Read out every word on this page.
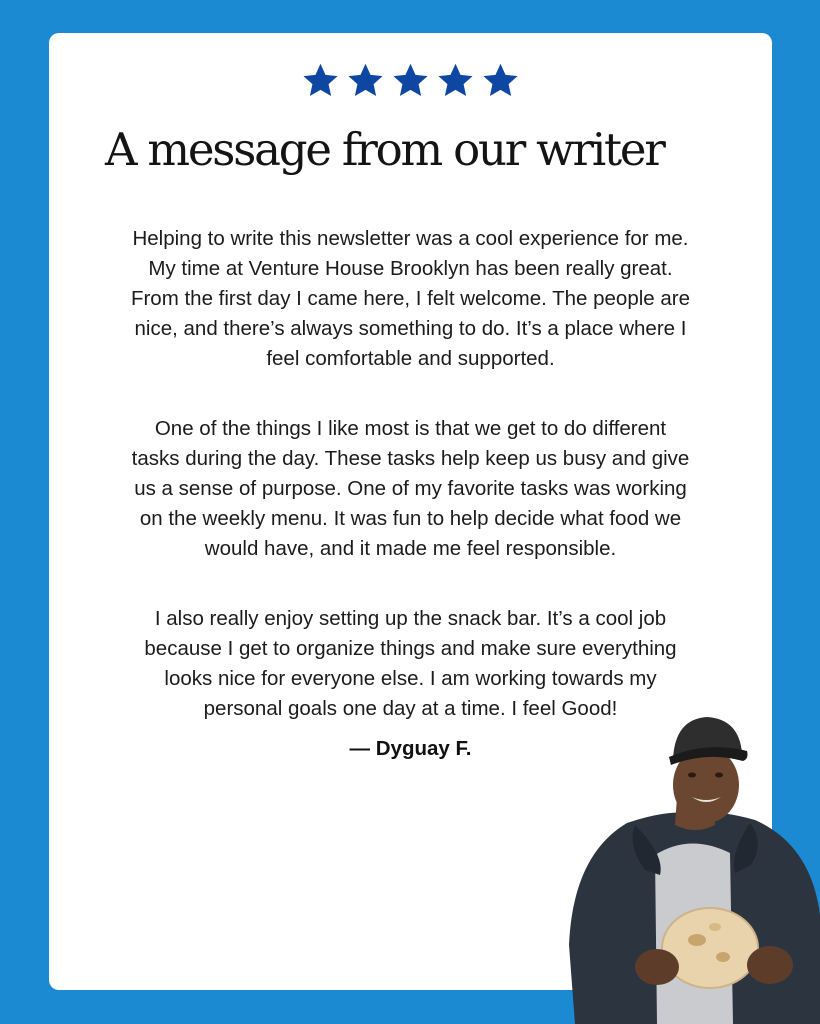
A message from our writer

Helping to write this newsletter was a cool experience for me.
My time at Venture House Brooklyn has been really great.
From the first day I came here, I felt welcome. The people are
nice, and there’s always something to do. It’s a place where I
feel comfortable and supported.

One of the things I like most is that we get to do different
tasks during the day. These tasks help keep us busy and give
us a sense of purpose. One of my favorite tasks was working
on the weekly menu. It was fun to help decide what food we
would have, and it made me feel responsible.

I also really enjoy setting up the snack bar. It’s a cool job
because I get to organize things and make sure everything
looks nice for everyone else. I am working towards my
personal goals one day at a time. I feel Good!

— Dyguay F.
